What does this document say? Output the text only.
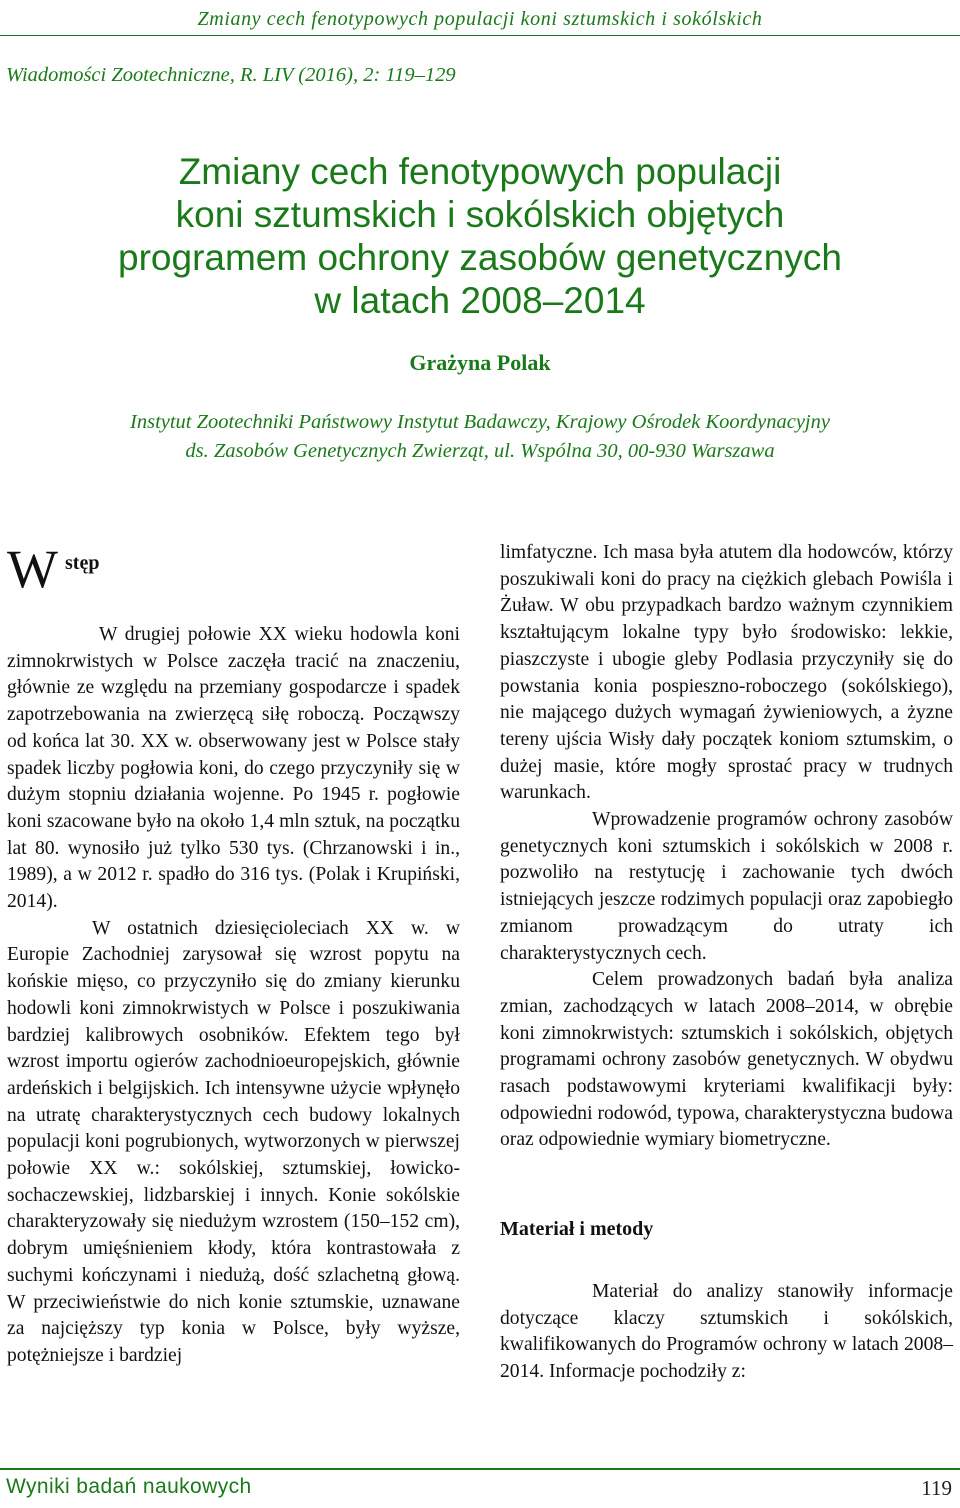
Zmiany cech fenotypowych populacji koni sztumskich i sokólskich
Wiadomości Zootechniczne, R. LIV (2016), 2: 119–129
Zmiany cech fenotypowych populacji
koni sztumskich i sokólskich objętych
programem ochrony zasobów genetycznych
w latach 2008–2014
Grażyna Polak
Instytut Zootechniki Państwowy Instytut Badawczy, Krajowy Ośrodek Koordynacyjny
ds. Zasobów Genetycznych Zwierząt, ul. Wspólna 30, 00-930 Warszawa
W stęp

W drugiej połowie XX wieku hodowla koni zimnokrwistych w Polsce zaczęła tracić na znaczeniu, głównie ze względu na przemiany gospodarcze i spadek zapotrzebowania na zwierzęcą siłę roboczą. Począwszy od końca lat 30. XX w. obserwowany jest w Polsce stały spadek liczby pogłowia koni, do czego przyczyniły się w dużym stopniu działania wojenne. Po 1945 r. pogłowie koni szacowane było na około 1,4 mln sztuk, na początku lat 80. wynosiło już tylko 530 tys. (Chrzanowski i in., 1989), a w 2012 r. spadło do 316 tys. (Polak i Krupiński, 2014).

W ostatnich dziesięcioleciach XX w. w Europie Zachodniej zarysował się wzrost popytu na końskie mięso, co przyczyniło się do zmiany kierunku hodowli koni zimnokrwistych w Polsce i poszukiwania bardziej kalibrowych osobników. Efektem tego był wzrost importu ogierów zachodnioeuropejskich, głównie ardeńskich i belgijskich. Ich intensywne użycie wpłynęło na utratę charakterystycznych cech budowy lokalnych populacji koni pogrubionych, wytworzonych w pierwszej połowie XX w.: sokólskiej, sztumskiej, łowicko-sochaczewskiej, lidzbarskiej i innych. Konie sokólskie charakteryzowały się niedużym wzrostem (150–152 cm), dobrym umięśnieniem kłody, która kontrastowała z suchymi kończynami i niedużą, dość szlachetną głową. W przeciwieństwie do nich konie sztumskie, uznawane za najcięższy typ konia w Polsce, były wyższe, potężniejsze i bardziej

limfatyczne. Ich masa była atutem dla hodowców, którzy poszukiwali koni do pracy na ciężkich glebach Powiśla i Żuław. W obu przypadkach bardzo ważnym czynnikiem kształtującym lokalne typy było środowisko: lekkie, piaszczyste i ubogie gleby Podlasia przyczyniły się do powstania konia pospieszno-roboczego (sokólskiego), nie mającego dużych wymagań żywieniowych, a żyzne tereny ujścia Wisły dały początek koniom sztumskim, o dużej masie, które mogły sprostać pracy w trudnych warunkach.

Wprowadzenie programów ochrony zasobów genetycznych koni sztumskich i sokólskich w 2008 r. pozwoliło na restytucję i zachowanie tych dwóch istniejących jeszcze rodzimych populacji oraz zapobiegło zmianom prowadzącym do utraty ich charakterystycznych cech.

Celem prowadzonych badań była analiza zmian, zachodzących w latach 2008–2014, w obrębie koni zimnokrwistych: sztumskich i sokólskich, objętych programami ochrony zasobów genetycznych. W obydwu rasach podstawowymi kryteriami kwalifikacji były: odpowiedni rodowód, typowa, charakterystyczna budowa oraz odpowiednie wymiary biometryczne.

Materiał i metody

Materiał do analizy stanowiły informacje dotyczące klaczy sztumskich i sokólskich, kwalifikowanych do Programów ochrony w latach 2008–2014. Informacje pochodziły z:

Wyniki badań naukowych	119
